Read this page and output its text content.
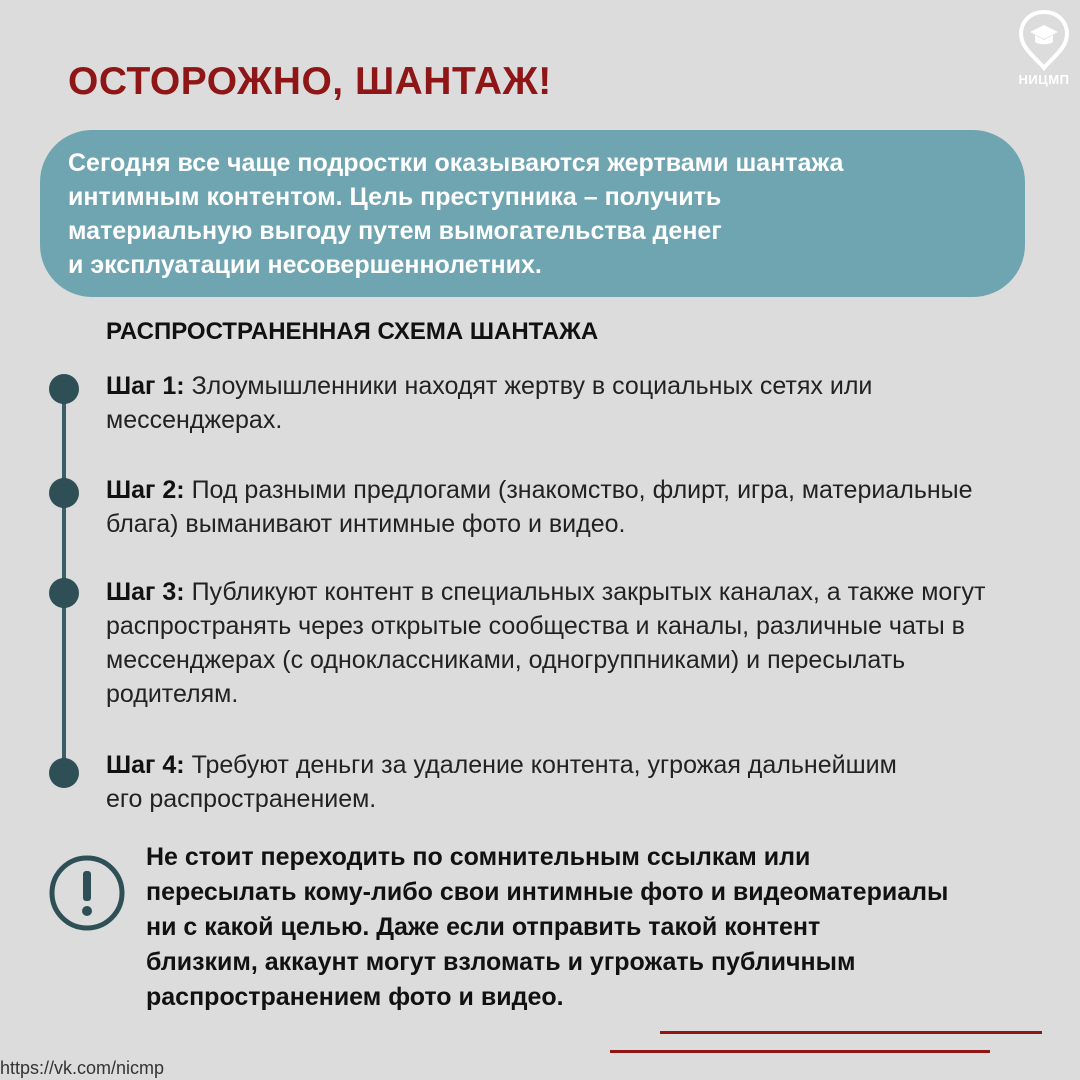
ОСТОРОЖНО, ШАНТАЖ!	НИЦМП

Сегодня все чаще подростки оказываются жертвами шантажа
интимным контентом. Цель преступника – получить
материальную выгоду путем вымогательства денег
и эксплуатации несовершеннолетних.

РАСПРОСТРАНЕННАЯ СХЕМА ШАНТАЖА
Шаг 1: Злоумышленники находят жертву в социальных сетях или мессенджерах.
Шаг 2: Под разными предлогами (знакомство, флирт, игра, материальные блага) выманивают интимные фото и видео.
Шаг 3: Публикуют контент в специальных закрытых каналах, а также могут распространять через открытые сообщества и каналы, различные чаты в мессенджерах (с одноклассниками, одногруппниками) и пересылать родителям.
Шаг 4: Требуют деньги за удаление контента, угрожая дальнейшим его распространением.

Не стоит переходить по сомнительным ссылкам или
пересылать кому-либо свои интимные фото и видеоматериалы
ни с какой целью. Даже если отправить такой контент
близким, аккаунт могут взломать и угрожать публичным
распространением фото и видео.

https://vk.com/nicmp
